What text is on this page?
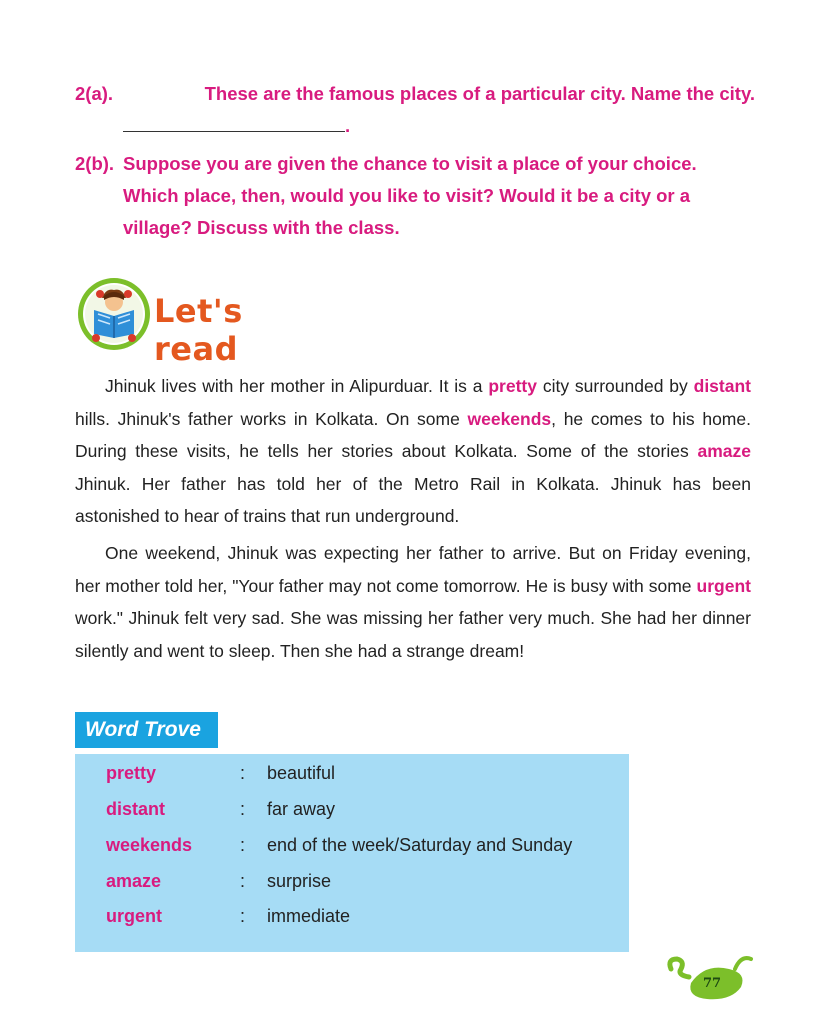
2(a).	These are the famous places of a particular city. Name the city.
.
2(b). Suppose you are given the chance to visit a place of your choice. Which place, then, would you like to visit? Would it be a city or a village? Discuss with the class.
Let's read

Jhinuk lives with her mother in Alipurduar. It is a pretty city surrounded by distant hills. Jhinuk's father works in Kolkata. On some weekends, he comes to his home. During these visits, he tells her stories about Kolkata. Some of the stories amaze Jhinuk. Her father has told her of the Metro Rail in Kolkata. Jhinuk has been astonished to hear of trains that run underground.

One weekend, Jhinuk was expecting her father to arrive. But on Friday evening, her mother told her, "Your father may not come tomorrow. He is busy with some urgent work." Jhinuk felt very sad. She was missing her father very much. She had her dinner silently and went to sleep. Then she had a strange dream!

Word Trove
pretty	: beautiful
distant	: far away
weekends	: end of the week/Saturday and Sunday
amaze	: surprise
urgent	: immediate
77
